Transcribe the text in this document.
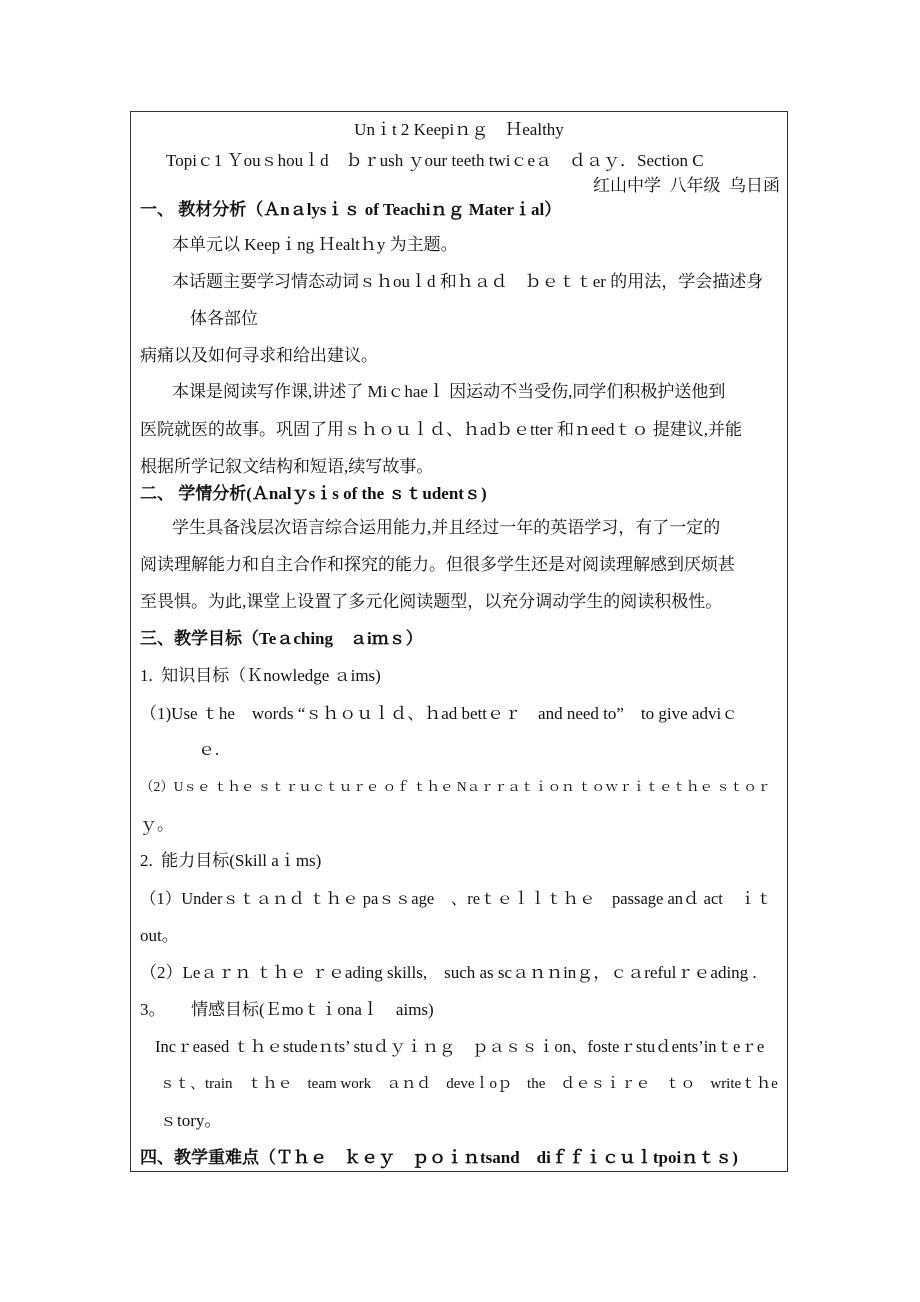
Unｉt 2 Keepiｎｇ　Ｈealthy
Topiｃ1 Ｙouｓhouｌd　ｂｒush ｙour teeth twiｃeａ　ｄａｙ．Section C
红山中学  八年级  乌日函
一、 教材分析（Ａnａlysｉｓ of Teachiｎｇ Materｉal）
本单元以 Keepｉng Ｈealtｈy 为主题。
本话题主要学习情态动词ｓｈouｌd 和ｈａｄ　ｂｅｔｔer 的用法，学会描述身
体各部位
病痛以及如何寻求和给出建议。
本课是阅读写作课,讲述了 Miｃhaeｌ 因运动不当受伤,同学们积极护送他到
医院就医的故事。巩固了用ｓｈｏｕｌｄ、ｈadｂｅtter 和ｎeedｔｏ 提建议,并能
根据所学记叙文结构和短语,续写故事。
二、 学情分析(Ａnalｙsｉs of the ｓｔudentｓ)
学生具备浅层次语言综合运用能力,并且经过一年的英语学习，有了一定的
阅读理解能力和自主合作和探究的能力。但很多学生还是对阅读理解感到厌烦甚
至畏惧。为此,课堂上设置了多元化阅读题型，以充分调动学生的阅读积极性。
三、教学目标（Teａching　ａiｍｓ）
1.  知识目标（Ｋnowledge ａims)
（1)Use ｔhe　words “ｓｈｏｕｌｄ、ｈad bettｅｒ　and need to”　to give adviｃ
ｅ.
（2）Uｓｅ ｔｈｅ ｓｔｒｕｃｔｕｒｅ ｏｆ ｔｈｅ Nａｒｒａｔｉｏｎ ｔｏｗｒｉｔｅｔｈｅ ｓｔｏｒ
ｙ。
2.  能力目标(Skill aｉms)
（1）Underｓｔａｎｄ ｔｈｅ paｓｓage　、reｔｅｌｌｔｈｅ　passage anｄ act　ｉｔ
out。
（2）Leａｒｎ ｔｈｅ ｒｅading skills,　such as scａｎｎinｇ，ｃａrefulｒｅading .
3。　　情感目标(Ｅmoｔｉonaｌ　aims)
Incｒeased ｔｈｅstudeｎts’ stuｄｙｉｎｇ　ｐａｓｓｉon、fosteｒstuｄents’inｔeｒe
ｓｔ、train　ｔｈｅ　team work　ａｎｄ　deveｌoｐ　the　ｄｅｓｉｒｅ　ｔｏ　writeｔｈe
ｓtory。
四、教学重难点（Ｔｈｅ　ｋｅｙ　ｐｏｉｎtsand　diｆｆｉｃｕｌtpoiｎｔｓ)
